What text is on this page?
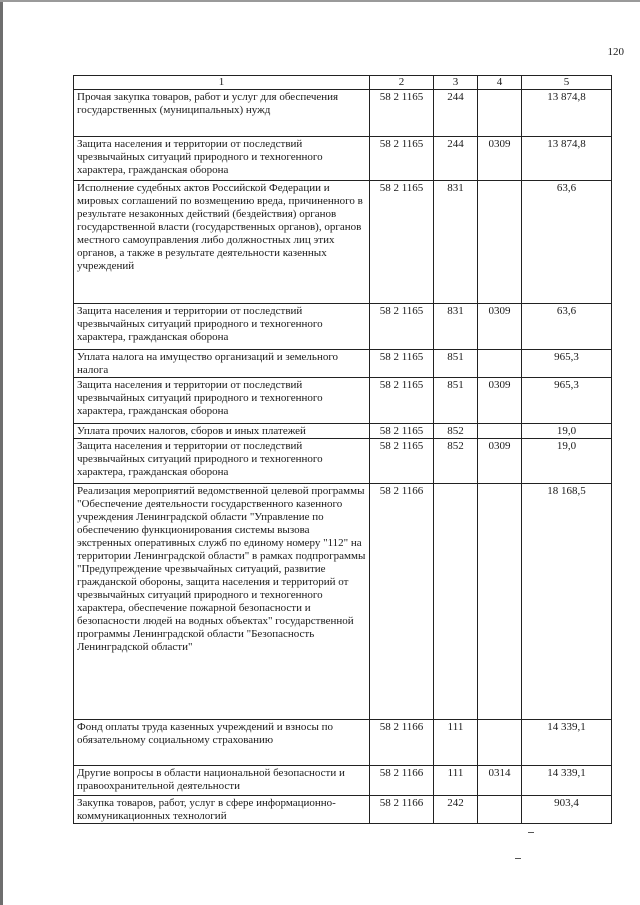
120
1	2	3	4	5
Прочая закупка товаров, работ и услуг для обеспечения государственных (муниципальных) нужд	58 2 1165	244		13 874,8
Защита населения и территории от последствий чрезвычайных ситуаций природного и техногенного характера, гражданская оборона	58 2 1165	244	0309	13 874,8
Исполнение судебных актов Российской Федерации и мировых соглашений по возмещению вреда, причиненного в результате незаконных действий (бездействия) органов государственной власти (государственных органов), органов местного самоуправления либо должностных лиц этих органов, а также в результате деятельности казенных учреждений	58 2 1165	831		63,6
Защита населения и территории от последствий чрезвычайных ситуаций природного и техногенного характера, гражданская оборона	58 2 1165	831	0309	63,6
Уплата налога на имущество организаций и земельного налога	58 2 1165	851		965,3
Защита населения и территории от последствий чрезвычайных ситуаций природного и техногенного характера, гражданская оборона	58 2 1165	851	0309	965,3
Уплата прочих налогов, сборов и иных платежей	58 2 1165	852		19,0
Защита населения и территории от последствий чрезвычайных ситуаций природного и техногенного характера, гражданская оборона	58 2 1165	852	0309	19,0
Реализация мероприятий ведомственной целевой программы "Обеспечение деятельности государственного казенного учреждения Ленинградской области "Управление по обеспечению функционирования системы вызова экстренных оперативных служб по единому номеру "112" на территории Ленинградской области" в рамках подпрограммы "Предупреждение чрезвычайных ситуаций, развитие гражданской обороны, защита населения и территорий от чрезвычайных ситуаций природного и техногенного характера, обеспечение пожарной безопасности и безопасности людей на водных объектах" государственной программы Ленинградской области "Безопасность Ленинградской области"	58 2 1166			18 168,5
Фонд оплаты труда казенных учреждений и взносы по обязательному социальному страхованию	58 2 1166	111		14 339,1
Другие вопросы в области национальной безопасности и правоохранительной деятельности	58 2 1166	111	0314	14 339,1
Закупка товаров, работ, услуг в сфере информационно-коммуникационных технологий	58 2 1166	242		903,4
